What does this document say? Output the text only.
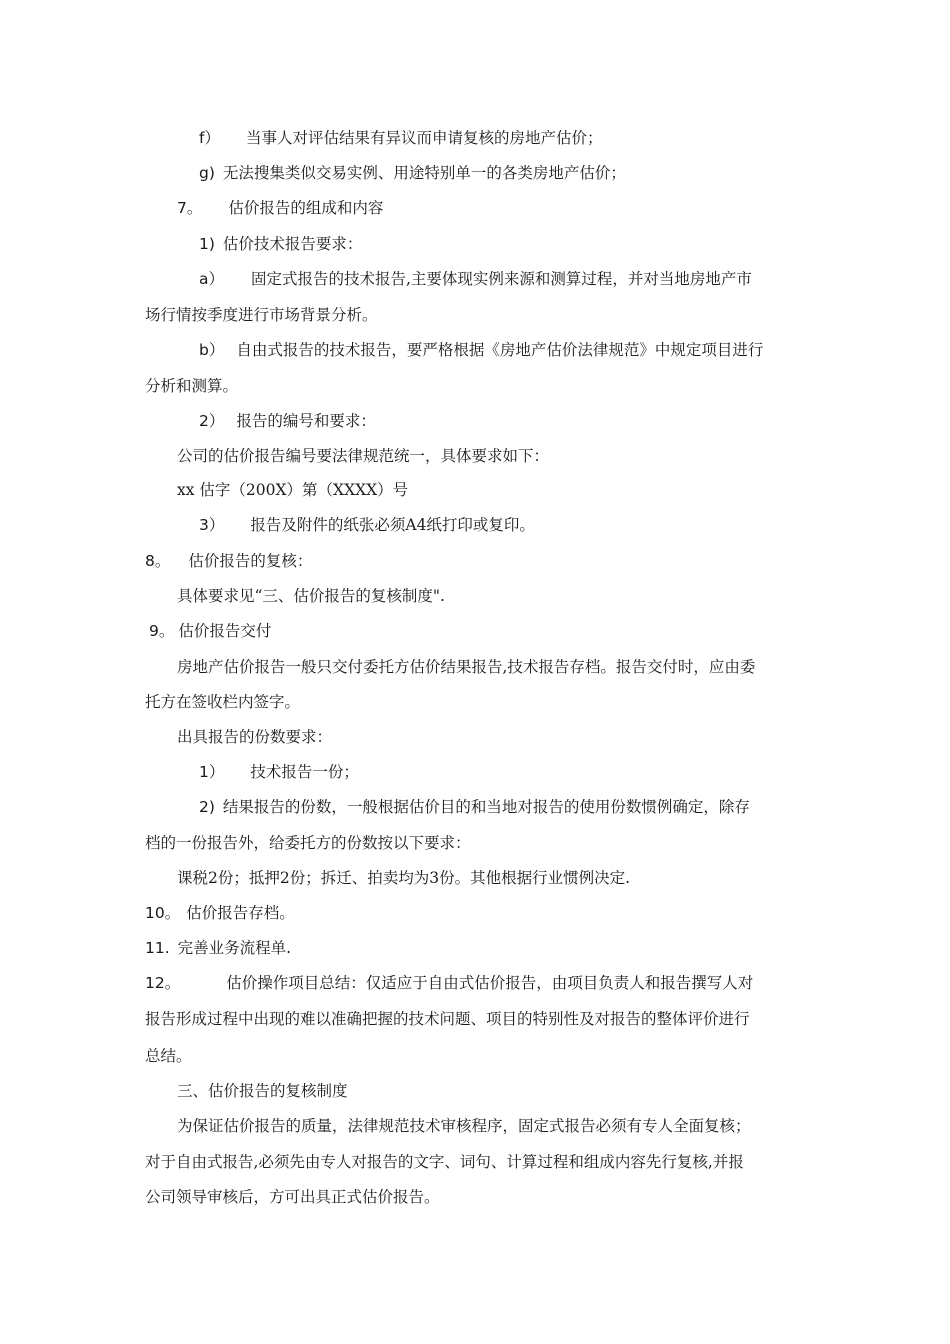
f） 当事人对评估结果有异议而申请复核的房地产估价；
g) 无法搜集类似交易实例、用途特别单一的各类房地产估价；
7。 估价报告的组成和内容
1) 估价技术报告要求：
a） 固定式报告的技术报告,主要体现实例来源和测算过程，并对当地房地产市
场行情按季度进行市场背景分析。
b） 自由式报告的技术报告，要严格根据《房地产估价法律规范》中规定项目进行
分析和测算。
2） 报告的编号和要求：
公司的估价报告编号要法律规范统一，具体要求如下：
xx 估字（200X）第（XXXX）号
3） 报告及附件的纸张必须A4纸打印或复印。
8。 估价报告的复核：
具体要求见“三、估价报告的复核制度".
9。 估价报告交付
房地产估价报告一般只交付委托方估价结果报告,技术报告存档。报告交付时，应由委
托方在签收栏内签字。
出具报告的份数要求：
1） 技术报告一份；
2) 结果报告的份数，一般根据估价目的和当地对报告的使用份数惯例确定，除存
档的一份报告外，给委托方的份数按以下要求：
课税2份；抵押2份；拆迁、拍卖均为3份。其他根据行业惯例决定.
10。 估价报告存档。
11. 完善业务流程单.
12。	估价操作项目总结：仅适应于自由式估价报告，由项目负责人和报告撰写人对
报告形成过程中出现的难以准确把握的技术问题、项目的特别性及对报告的整体评价进行
总结。
三、估价报告的复核制度
为保证估价报告的质量，法律规范技术审核程序，固定式报告必须有专人全面复核；
对于自由式报告,必须先由专人对报告的文字、词句、计算过程和组成内容先行复核,并报
公司领导审核后，方可出具正式估价报告。
